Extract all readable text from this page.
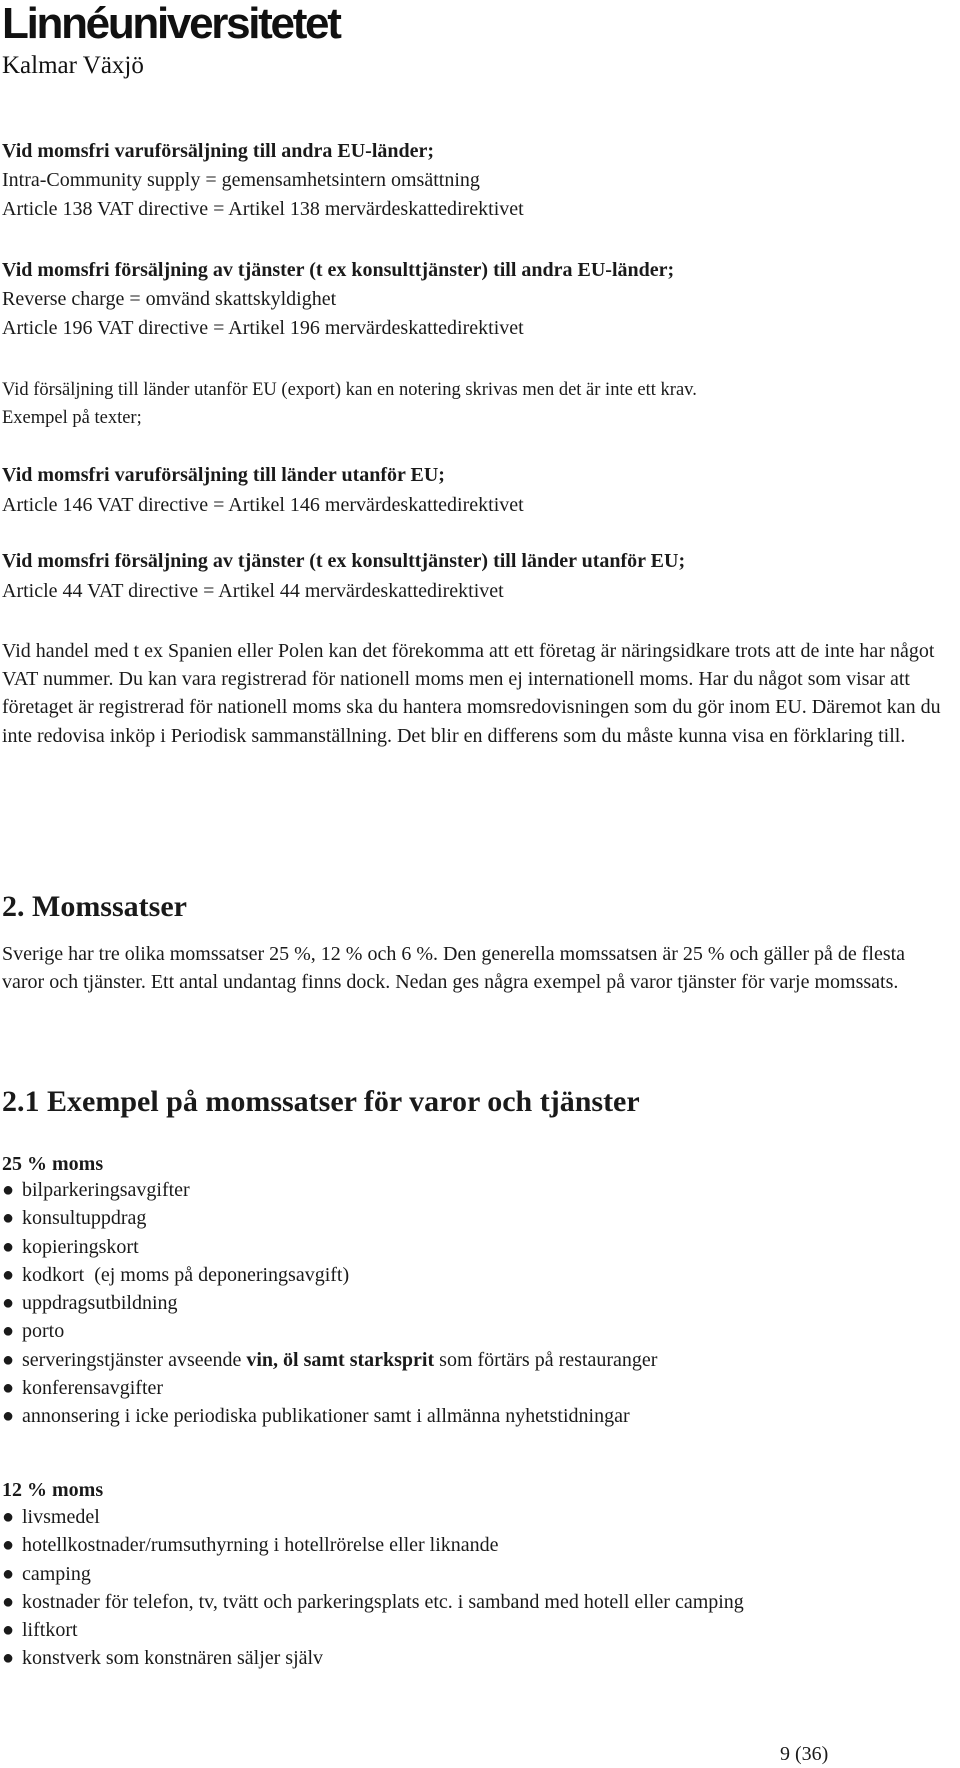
Linnéuniversitetet
Kalmar Växjö
Vid momsfri varuförsäljning till andra EU-länder;
Intra-Community supply = gemensamhetsintern omsättning
Article 138 VAT directive = Artikel 138 mervärdeskattedirektivet
Vid momsfri försäljning av tjänster (t ex konsulttjänster) till andra EU-länder;
Reverse charge = omvänd skattskyldighet
Article 196 VAT directive = Artikel 196 mervärdeskattedirektivet
Vid försäljning till länder utanför EU (export) kan en notering skrivas men det är inte ett krav.
Exempel på texter;
Vid momsfri varuförsäljning till länder utanför EU;
Article 146 VAT directive = Artikel 146 mervärdeskattedirektivet
Vid momsfri försäljning av tjänster (t ex konsulttjänster) till länder utanför EU;
Article 44 VAT directive = Artikel 44 mervärdeskattedirektivet
Vid handel med t ex Spanien eller Polen kan det förekomma att ett företag är näringsidkare trots att de inte har något VAT nummer. Du kan vara registrerad för nationell moms men ej internationell moms. Har du något som visar att företaget är registrerad för nationell moms ska du hantera momsredovisningen som du gör inom EU. Däremot kan du inte redovisa inköp i Periodisk sammanställning. Det blir en differens som du måste kunna visa en förklaring till.
2. Momssatser
Sverige har tre olika momssatser 25 %, 12 % och 6 %. Den generella momssatsen är 25 % och gäller på de flesta varor och tjänster. Ett antal undantag finns dock. Nedan ges några exempel på varor tjänster för varje momssats.
2.1 Exempel på momssatser för varor och tjänster
25 % moms
● bilparkeringsavgifter
● konsultuppdrag
● kopieringskort
● kodkort  (ej moms på deponeringsavgift)
● uppdragsutbildning
● porto
● serveringstjänster avseende vin, öl samt starksprit som förtärs på restauranger
● konferensavgifter
● annonsering i icke periodiska publikationer samt i allmänna nyhetstidningar
12 % moms
● livsmedel
● hotellkostnader/rumsuthyrning i hotellrörelse eller liknande
● camping
● kostnader för telefon, tv, tvätt och parkeringsplats etc. i samband med hotell eller camping
● liftkort
● konstverk som konstnären säljer själv
9 (36)
